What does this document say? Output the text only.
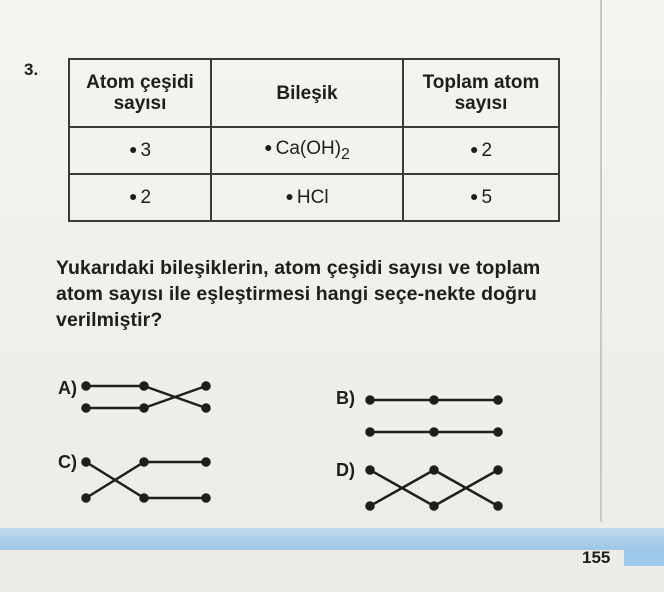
3.
Atom çeşidi sayısı	Bileşik	Toplam atom sayısı
● 3	● $Ca(OH)_2$	● 2
● 2	● HCl	● 5
Yukarıdaki bileşiklerin, atom çeşidi sayısı ve toplam atom sayısı ile eşleştirmesi hangi seçe-nekte doğru verilmiştir?
A)	B)
C)	D)
155
